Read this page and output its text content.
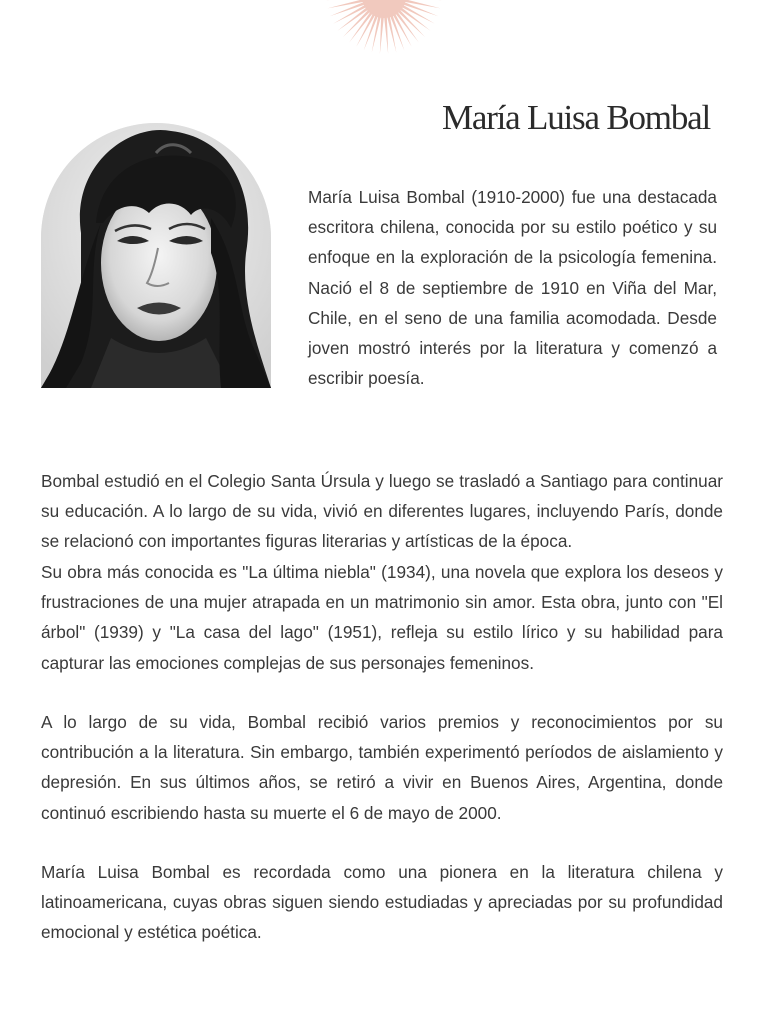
María Luisa Bombal
María Luisa Bombal (1910-2000) fue una destacada escritora chilena, conocida por su estilo poético y su enfoque en la exploración de la psicología femenina. Nació el 8 de septiembre de 1910 en Viña del Mar, Chile, en el seno de una familia acomodada. Desde joven mostró interés por la literatura y comenzó a escribir poesía.

Bombal estudió en el Colegio Santa Úrsula y luego se trasladó a Santiago para continuar su educación. A lo largo de su vida, vivió en diferentes lugares, incluyendo París, donde se relacionó con importantes figuras literarias y artísticas de la época.

Su obra más conocida es "La última niebla" (1934), una novela que explora los deseos y frustraciones de una mujer atrapada en un matrimonio sin amor. Esta obra, junto con "El árbol" (1939) y "La casa del lago" (1951), refleja su estilo lírico y su habilidad para capturar las emociones complejas de sus personajes femeninos.

A lo largo de su vida, Bombal recibió varios premios y reconocimientos por su contribución a la literatura. Sin embargo, también experimentó períodos de aislamiento y depresión. En sus últimos años, se retiró a vivir en Buenos Aires, Argentina, donde continuó escribiendo hasta su muerte el 6 de mayo de 2000.

María Luisa Bombal es recordada como una pionera en la literatura chilena y latinoamericana, cuyas obras siguen siendo estudiadas y apreciadas por su profundidad emocional y estética poética.
